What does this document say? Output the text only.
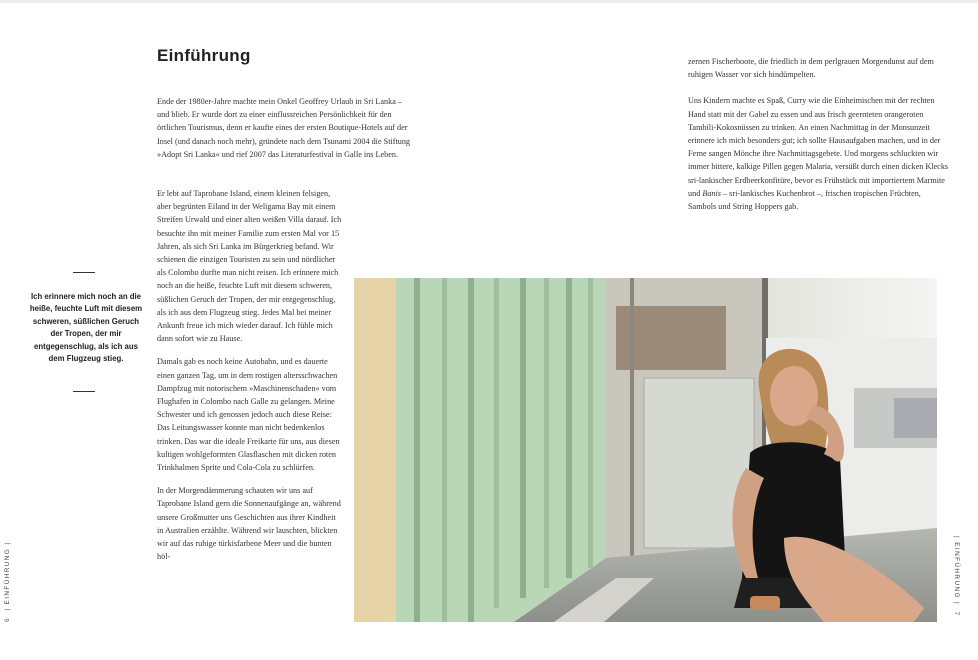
Einführung

Ende der 1980er-Jahre machte mein Onkel Geoffrey Urlaub in Sri Lanka – und blieb. Er wurde dort zu einer einflussreichen Persönlichkeit für den örtlichen Tourismus, denn er kaufte eines der ersten Boutique-Hotels auf der Insel (und danach noch mehr), gründete nach dem Tsunami 2004 die Stiftung »Adopt Sri Lanka« und rief 2007 das Literaturfestival in Galle ins Leben.

Er lebt auf Taprobane Island, einem kleinen felsigen, aber begrünten Eiland in der Weligama Bay mit einem Streifen Urwald und einer alten weißen Villa darauf. Ich besuchte ihn mit meiner Familie zum ersten Mal vor 15 Jahren, als sich Sri Lanka im Bürgerkrieg befand. Wir schienen die einzigen Touristen zu sein und nördlicher als Colombo durfte man nicht reisen. Ich erinnere mich noch an die heiße, feuchte Luft mit diesem schweren, süßlichen Geruch der Tropen, der mir entgegenschlug, als ich aus dem Flugzeug stieg. Jedes Mal bei meiner Ankunft freue ich mich wieder darauf. Ich fühle mich dann sofort wie zu Hause.

Damals gab es noch keine Autobahn, und es dauerte einen ganzen Tag, um in dem rostigen altersschwachen Dampfzug mit notorischem »Maschinenschaden« vom Flughafen in Colombo nach Galle zu gelangen. Meine Schwester und ich genossen jedoch auch diese Reise: Das Leitungswasser konnte man nicht bedenkenlos trinken. Das war die ideale Freikarte für uns, aus diesen kultigen wohlgeformten Glasflaschen mit dicken roten Trinkhalmen Sprite und Cola-Cola zu schlürfen.

In der Morgendämmerung schauten wir uns auf Taprobane Island gern die Sonnenaufgänge an, während unsere Großmutter uns Geschichten aus ihrer Kindheit in Australien erzählte. Während wir lauschten, blickten wir auf das ruhige türkisfarbene Meer und die bunten höl-

Ich erinnere mich noch an die heiße, feuchte Luft mit diesem schweren, süßlichen Geruch der Tropen, der mir entgegenschlug, als ich aus dem Flugzeug stieg.

zernen Fischerboote, die friedlich in dem perlgrauen Morgendunst auf dem ruhigen Wasser vor sich hindümpelten.

Uns Kindern machte es Spaß, Curry wie die Einheimischen mit der rechten Hand statt mit der Gabel zu essen und aus frisch geernteten orangeroten Tambili-Kokosnüssen zu trinken. An einen Nachmittag in der Monsunzeit erinnere ich mich besonders gut; ich sollte Hausaufgaben machen, und in der Ferne sangen Mönche ihre Nachmittagsgebete. Und morgens schluckten wir immer bittere, kalkige Pillen gegen Malaria, versüßt durch einen dicken Klecks sri-lankischer Erdbeerkonfitüre, bevor es Frühstück mit importiertem Marmite und Banis – sri-lankisches Kuchenbrot –, frischen tropischen Früchten, Sambols und String Hoppers gab.

6  | EINFÜHRUNG |
| EINFÜHRUNG |  7
